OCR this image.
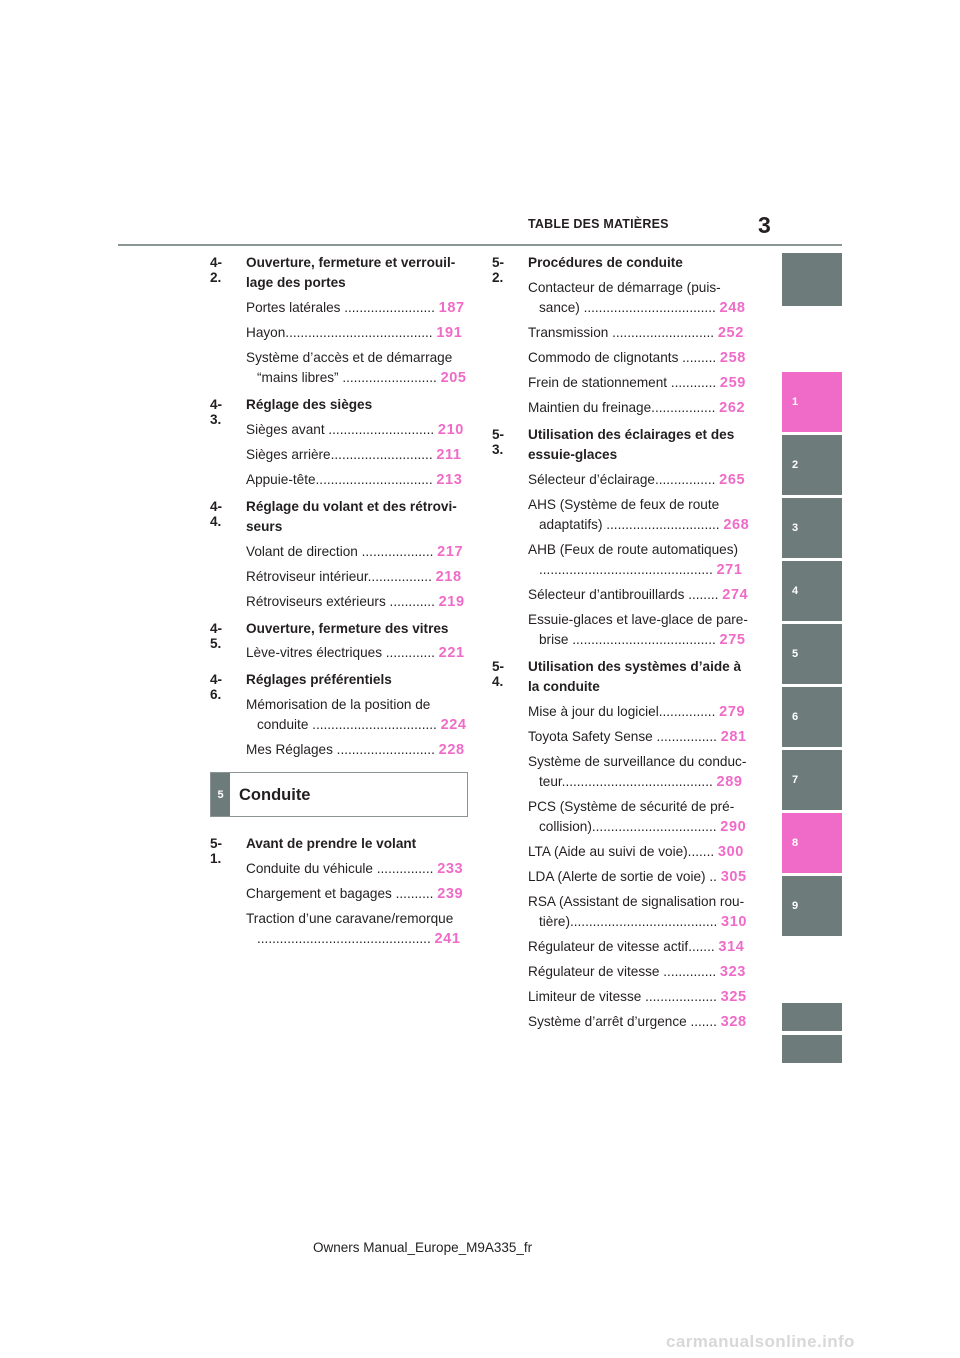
TABLE DES MATIÈRES	3
4-2.
Ouverture, fermeture et verrouil-
lage des portes
Portes latérales ........................ 187
Hayon....................................... 191
Système d’accès et de démarrage
“mains libres” ......................... 205
4-3.
Réglage des sièges
Sièges avant ............................ 210
Sièges arrière........................... 211
Appuie-tête............................... 213
4-4.
Réglage du volant et des rétrovi-
seurs
Volant de direction ................... 217
Rétroviseur intérieur................. 218
Rétroviseurs extérieurs ............ 219
4-5.
Ouverture, fermeture des vitres
Lève-vitres électriques ............. 221
4-6.
Réglages préférentiels
Mémorisation de la position de
conduite ................................. 224
Mes Réglages .......................... 228
5-1.
Avant de prendre le volant
Conduite du véhicule ............... 233
Chargement et bagages .......... 239
Traction d’une caravane/remorque
.............................................. 241
5 Conduite
5-2.
Procédures de conduite
Contacteur de démarrage (puis-
sance) ................................... 248
Transmission ........................... 252
Commodo de clignotants ......... 258
Frein de stationnement ............ 259
Maintien du freinage................. 262
5-3.
Utilisation des éclairages et des
essuie-glaces
Sélecteur d’éclairage................ 265
AHS (Système de feux de route
adaptatifs) .............................. 268
AHB (Feux de route automatiques)
.............................................. 271
Sélecteur d’antibrouillards ........ 274
Essuie-glaces et lave-glace de pare-
brise ...................................... 275
5-4.
Utilisation des systèmes d’aide à
la conduite
Mise à jour du logiciel............... 279
Toyota Safety Sense ................ 281
Système de surveillance du conduc-
teur........................................ 289
PCS (Système de sécurité de pré-
collision)................................. 290
LTA (Aide au suivi de voie)....... 300
LDA (Alerte de sortie de voie) .. 305
RSA (Assistant de signalisation rou-
tière)....................................... 310
Régulateur de vitesse actif....... 314
Régulateur de vitesse .............. 323
Limiteur de vitesse ................... 325
Système d’arrêt d’urgence ....... 328
1
2
3
4
5
6
7
8
9
Owners Manual_Europe_M9A335_fr
carmanualsonline.info
